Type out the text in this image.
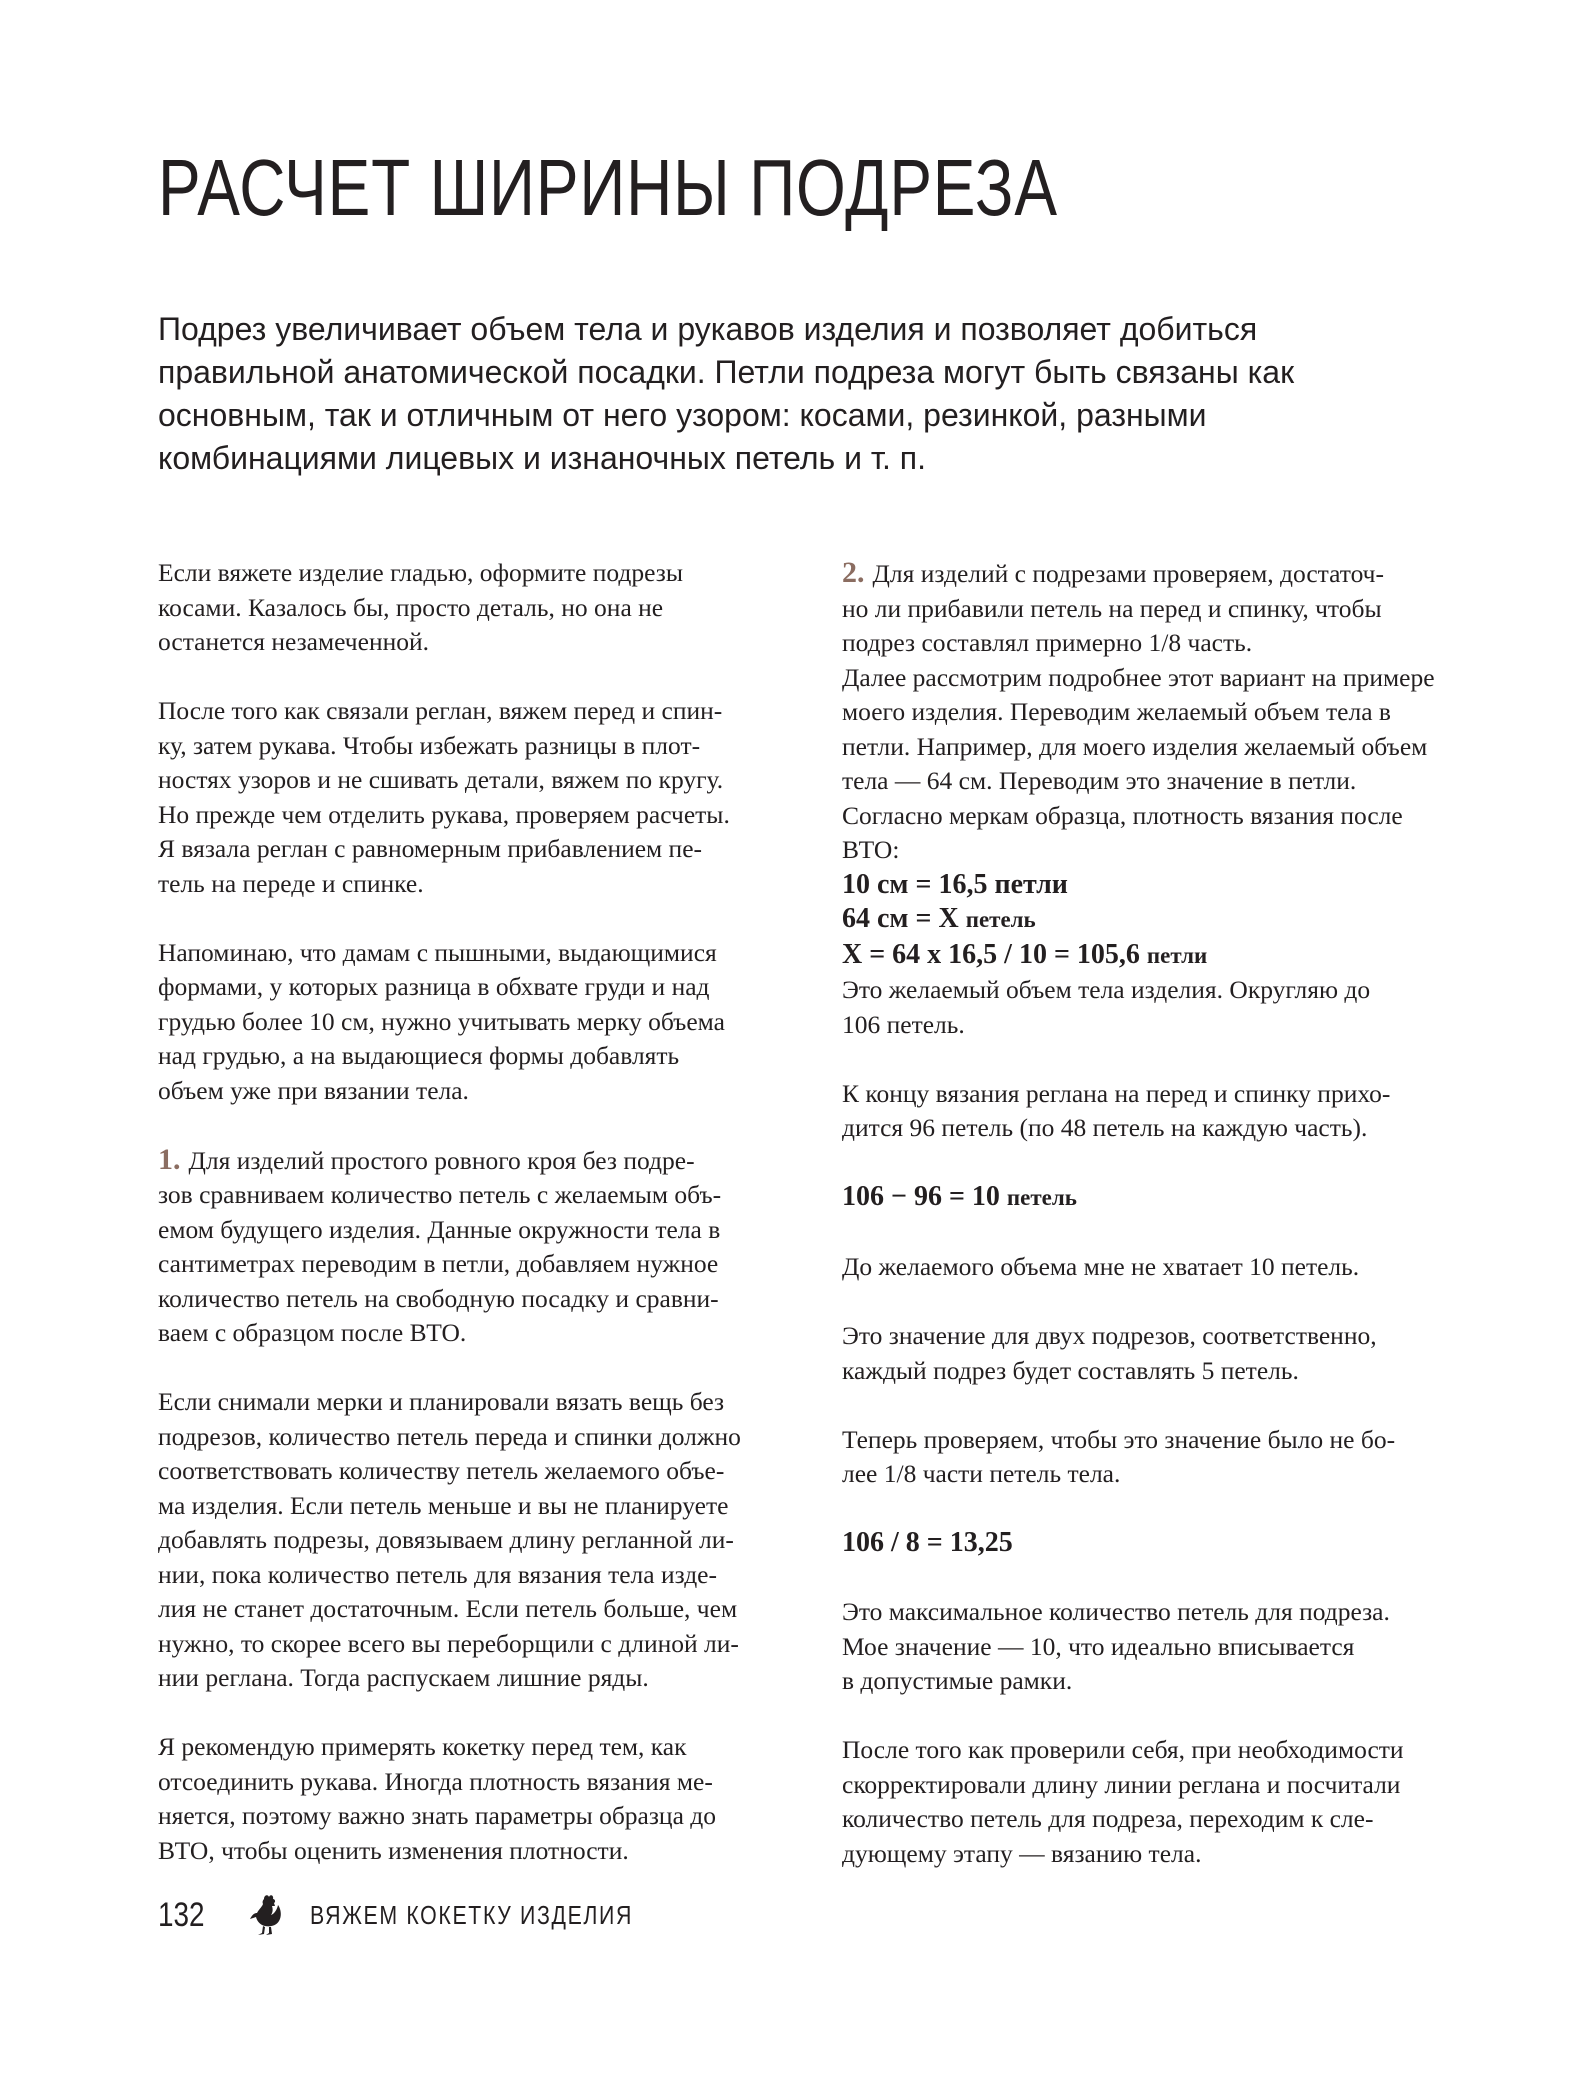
РАСЧЕТ ШИРИНЫ ПОДРЕЗА

Подрез увеличивает объем тела и рукавов изделия и позволяет добиться правильной анатомической посадки. Петли подреза могут быть связаны как основным, так и отличным от него узором: косами, резинкой, разными комбинациями лицевых и изнаночных петель и т. п.

Если вяжете изделие гладью, оформите подрезы
косами. Казалось бы, просто деталь, но она не
останется незамеченной.

После того как связали реглан, вяжем перед и спин-
ку, затем рукава. Чтобы избежать разницы в плот-
ностях узоров и не сшивать детали, вяжем по кругу.
Но прежде чем отделить рукава, проверяем расчеты.
Я вязала реглан с равномерным прибавлением пе-
тель на переде и спинке.

Напоминаю, что дамам с пышными, выдающимися
формами, у которых разница в обхвате груди и над
грудью более 10 см, нужно учитывать мерку объема
над грудью, а на выдающиеся формы добавлять
объем уже при вязании тела.

1. Для изделий простого ровного кроя без подре-
зов сравниваем количество петель с желаемым объ-
емом будущего изделия. Данные окружности тела в
сантиметрах переводим в петли, добавляем нужное
количество петель на свободную посадку и сравни-
ваем с образцом после ВТО.

Если снимали мерки и планировали вязать вещь без
подрезов, количество петель переда и спинки должно
соответствовать количеству петель желаемого объе-
ма изделия. Если петель меньше и вы не планируете
добавлять подрезы, довязываем длину регланной ли-
нии, пока количество петель для вязания тела изде-
лия не станет достаточным. Если петель больше, чем
нужно, то скорее всего вы переборщили с длиной ли-
нии реглана. Тогда распускаем лишние ряды.

Я рекомендую примерять кокетку перед тем, как
отсоединить рукава. Иногда плотность вязания ме-
няется, поэтому важно знать параметры образца до
ВТО, чтобы оценить изменения плотности.

2. Для изделий с подрезами проверяем, достаточ-
но ли прибавили петель на перед и спинку, чтобы
подрез составлял примерно 1/8 часть.
Далее рассмотрим подробнее этот вариант на примере
моего изделия. Переводим желаемый объем тела в
петли. Например, для моего изделия желаемый объем
тела — 64 см. Переводим это значение в петли.
Согласно меркам образца, плотность вязания после
ВТО:
10 см = 16,5 петли
64 см = X петель
X = 64 x 16,5 / 10 = 105,6 петли
Это желаемый объем тела изделия. Округляю до
106 петель.

К концу вязания реглана на перед и спинку прихо-
дится 96 петель (по 48 петель на каждую часть).

106 − 96 = 10 петель

До желаемого объема мне не хватает 10 петель.

Это значение для двух подрезов, соответственно,
каждый подрез будет составлять 5 петель.

Теперь проверяем, чтобы это значение было не бо-
лее 1/8 части петель тела.

106 / 8 = 13,25

Это максимальное количество петель для подреза.
Мое значение — 10, что идеально вписывается
в допустимые рамки.

После того как проверили себя, при необходимости
скорректировали длину линии реглана и посчитали
количество петель для подреза, переходим к сле-
дующему этапу — вязанию тела.

132	ВЯЖЕМ КОКЕТКУ ИЗДЕЛИЯ
